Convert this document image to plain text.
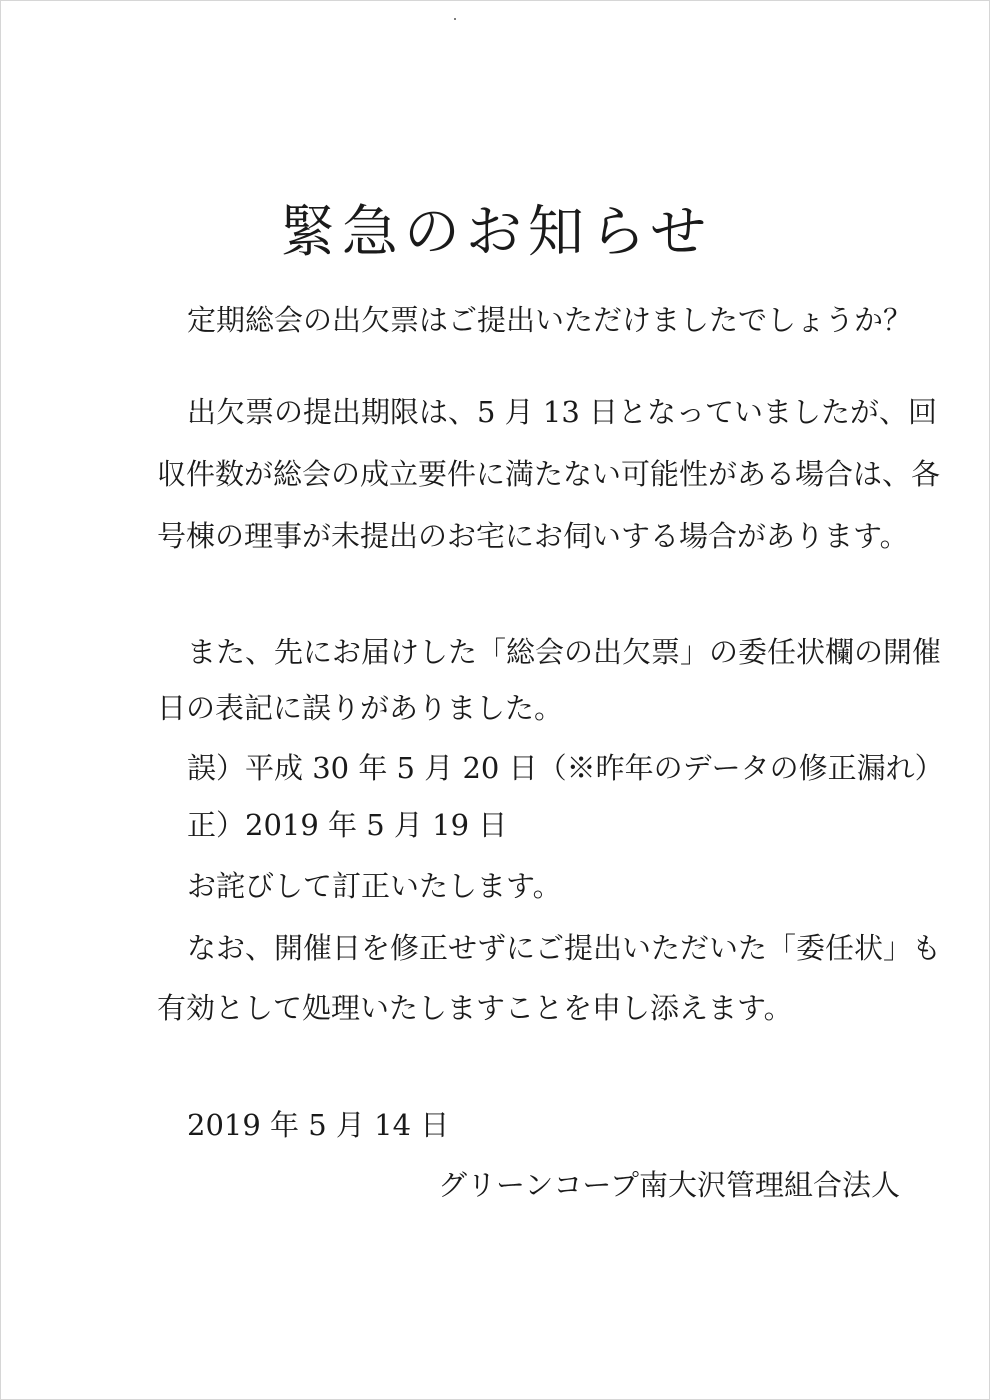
緊急のお知らせ
定期総会の出欠票はご提出いただけましたでしょうか？
出欠票の提出期限は、5 月 13 日となっていましたが、回
収件数が総会の成立要件に満たない可能性がある場合は、各
号棟の理事が未提出のお宅にお伺いする場合があります。
また、先にお届けした「総会の出欠票」の委任状欄の開催
日の表記に誤りがありました。
誤）平成 30 年 5 月 20 日（※昨年のデータの修正漏れ）
正）2019 年 5 月 19 日
お詫びして訂正いたします。
なお、開催日を修正せずにご提出いただいた「委任状」も
有効として処理いたしますことを申し添えます。
2019 年 5 月 14 日
グリーンコープ南大沢管理組合法人
